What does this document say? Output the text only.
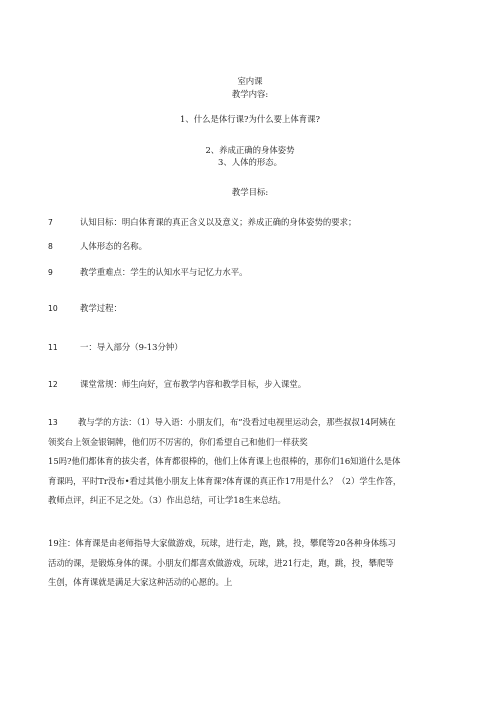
室内课
教学内容:
1、什么是体行课?为什么要上体育课?
2、养成正确的身体姿势
3、人体的形态。
教学目标:
7	认知目标：明白体育课的真正含义以及意义；养成正确的身体姿势的要求；
8	人体形态的名称。
9	教学重难点：学生的认知水平与记忆力水平。
10	教学过程：
11	一：导入部分（9-13分钟）
12	课堂常规：师生向好，宣布教学内容和教学目标，步入课堂。
13 教与学的方法：（1）导入语：小朋友们，布”没看过电视里运动会，那些叔叔14阿姨在
领奖台上领金银铜牌，他们厉不厉害的，你们希望自己和他们一样获奖
15吗?他们都体育的拔尖者，体育都很棒的，他们上体育课上也很棒的，那你们16知道什么是体
育课吗，平时Tr没布•看过其他小朋友上体育课?体育课的真正作17用是什么？（2）学生作答，
教师点评，纠正不足之处。（3）作出总结，可让学18生来总结。
19注：体育课是由老师指导大家做游戏，玩球，进行走，跑，跳，投，攀爬等20各种身体练习
活动的课，是锻炼身体的课。小朋友们都喜欢做游戏，玩球，进21行走，跑，跳，投，攀爬等
生创，体育课就是满足大家这种活动的心愿的。上
